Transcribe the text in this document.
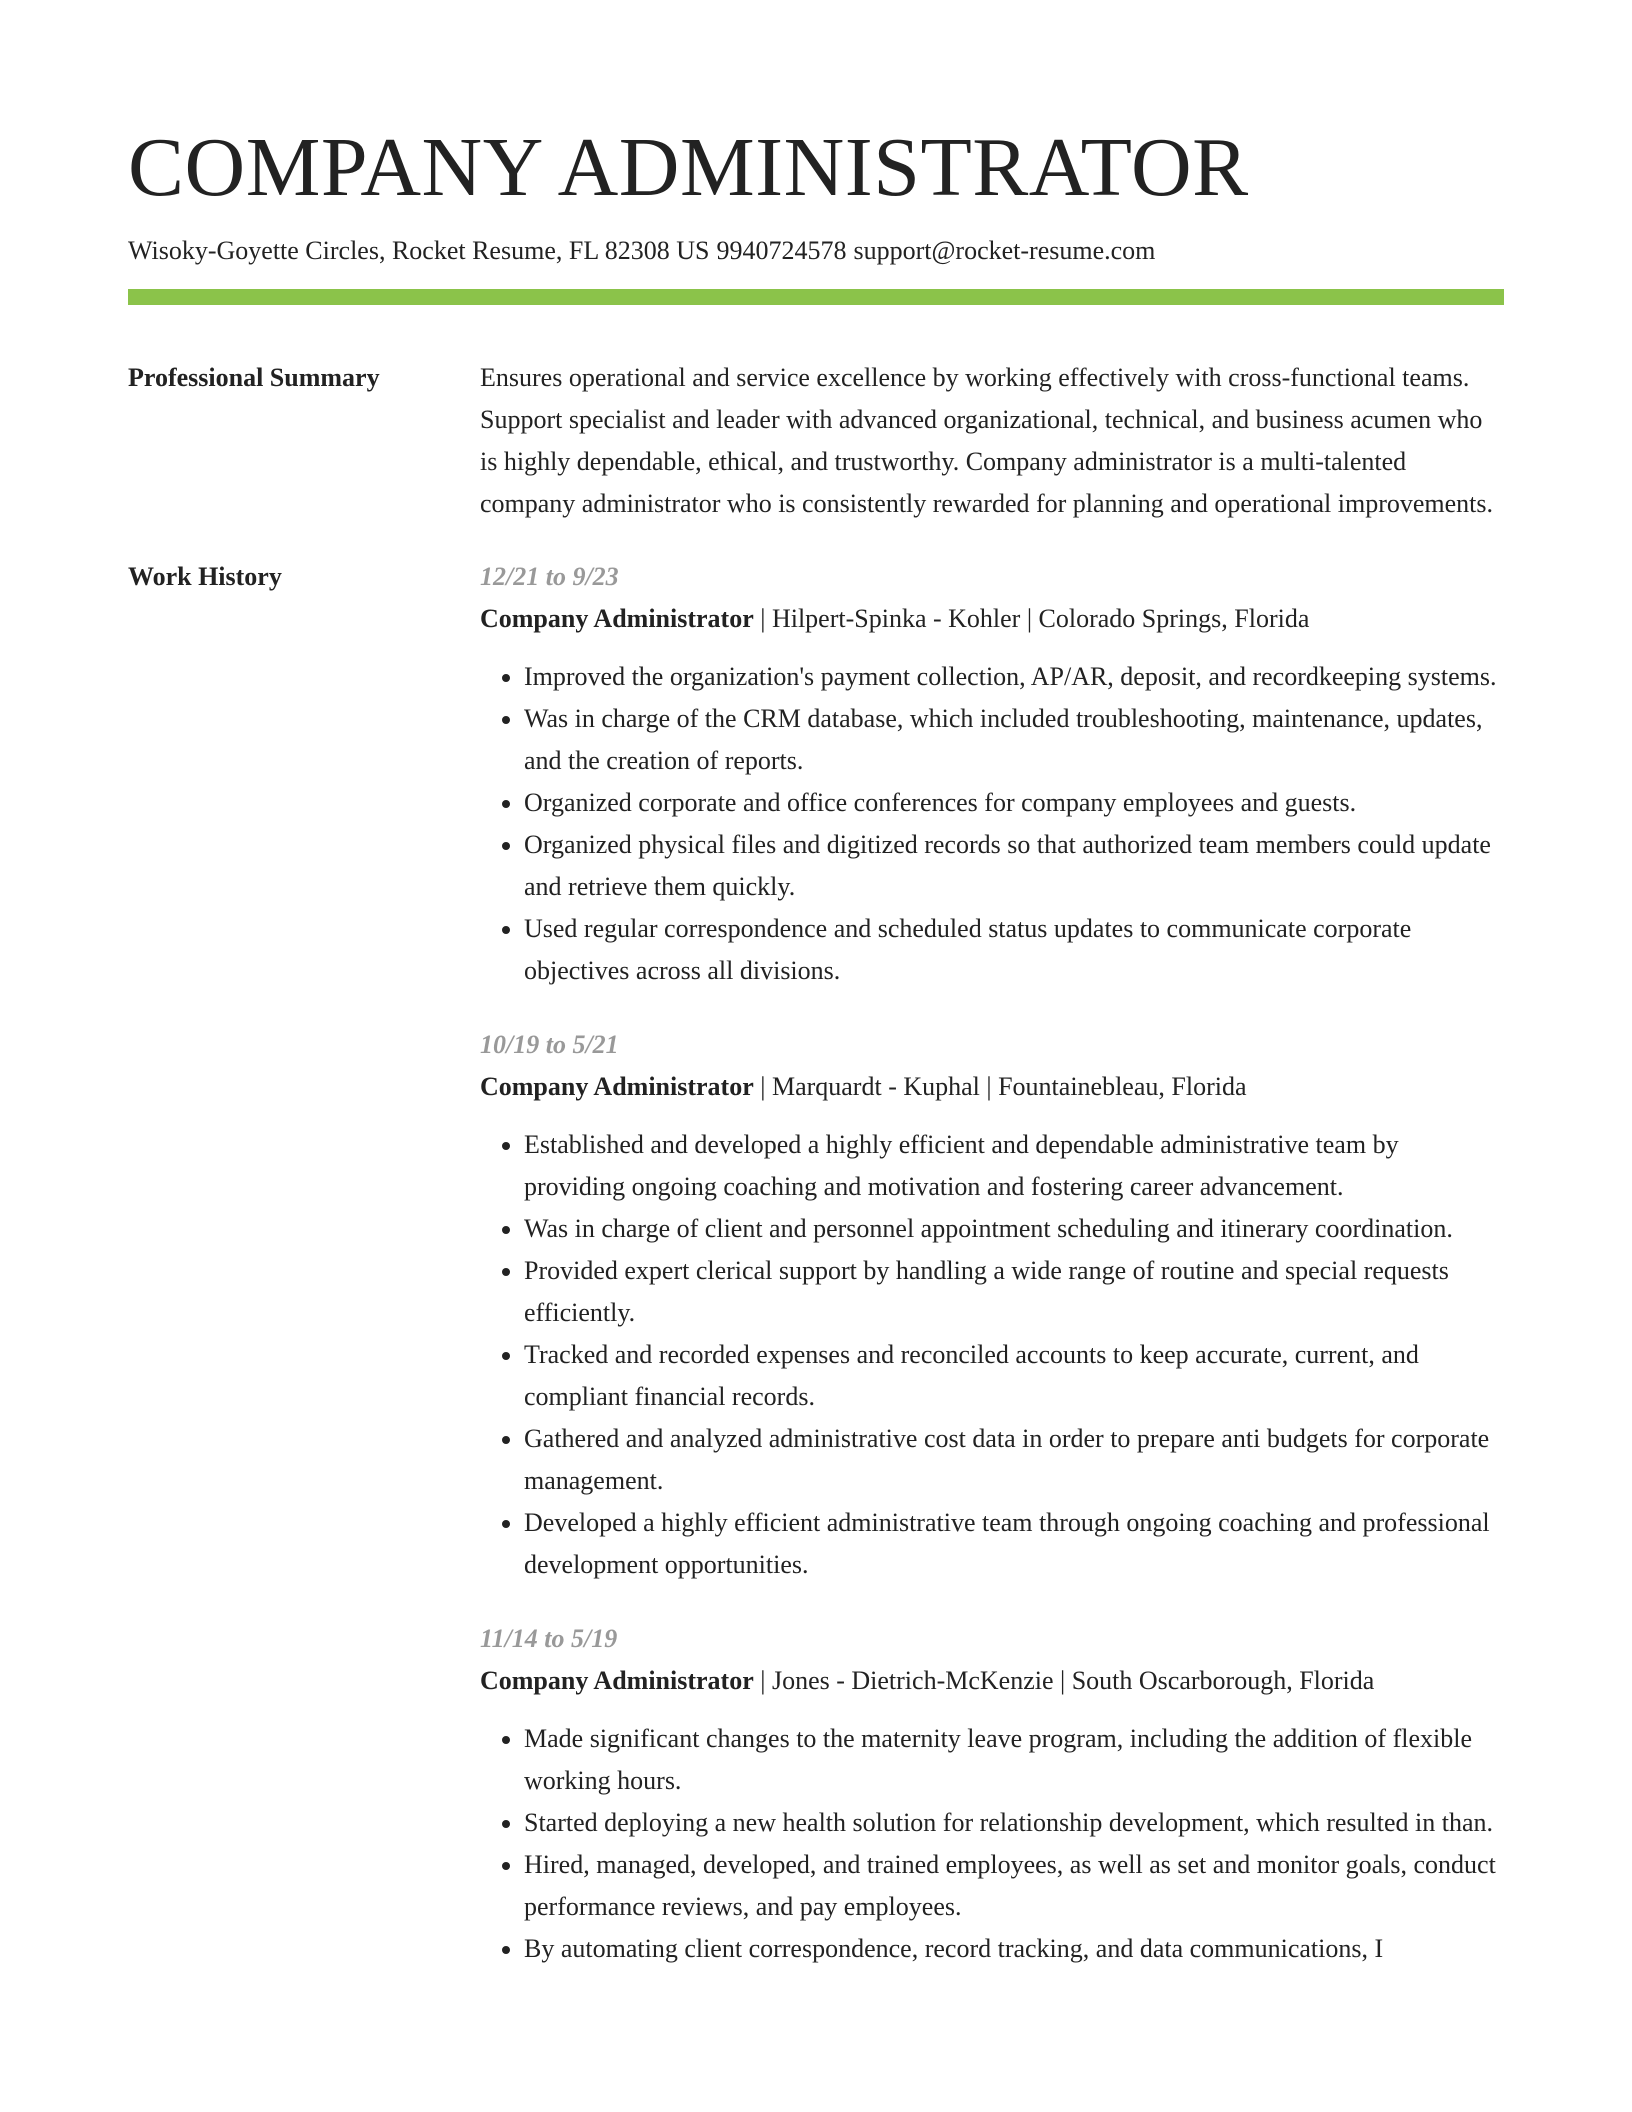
COMPANY ADMINISTRATOR
Wisoky-Goyette Circles, Rocket Resume, FL 82308 US 9940724578 support@rocket-resume.com
Professional Summary	Ensures operational and service excellence by working effectively with cross-functional teams. Support specialist and leader with advanced organizational, technical, and business acumen who is highly dependable, ethical, and trustworthy. Company administrator is a multi-talented company administrator who is consistently rewarded for planning and operational improvements.

Work History	12/21 to 9/23
Company Administrator | Hilpert-Spinka - Kohler | Colorado Springs, Florida
• Improved the organization's payment collection, AP/AR, deposit, and recordkeeping systems.
• Was in charge of the CRM database, which included troubleshooting, maintenance, updates, and the creation of reports.
• Organized corporate and office conferences for company employees and guests.
• Organized physical files and digitized records so that authorized team members could update and retrieve them quickly.
• Used regular correspondence and scheduled status updates to communicate corporate objectives across all divisions.
10/19 to 5/21
Company Administrator | Marquardt - Kuphal | Fountainebleau, Florida
• Established and developed a highly efficient and dependable administrative team by providing ongoing coaching and motivation and fostering career advancement.
• Was in charge of client and personnel appointment scheduling and itinerary coordination.
• Provided expert clerical support by handling a wide range of routine and special requests efficiently.
• Tracked and recorded expenses and reconciled accounts to keep accurate, current, and compliant financial records.
• Gathered and analyzed administrative cost data in order to prepare anti budgets for corporate management.
• Developed a highly efficient administrative team through ongoing coaching and professional development opportunities.
11/14 to 5/19
Company Administrator | Jones - Dietrich-McKenzie | South Oscarborough, Florida
• Made significant changes to the maternity leave program, including the addition of flexible working hours.
• Started deploying a new health solution for relationship development, which resulted in than.
• Hired, managed, developed, and trained employees, as well as set and monitor goals, conduct performance reviews, and pay employees.
• By automating client correspondence, record tracking, and data communications, I
